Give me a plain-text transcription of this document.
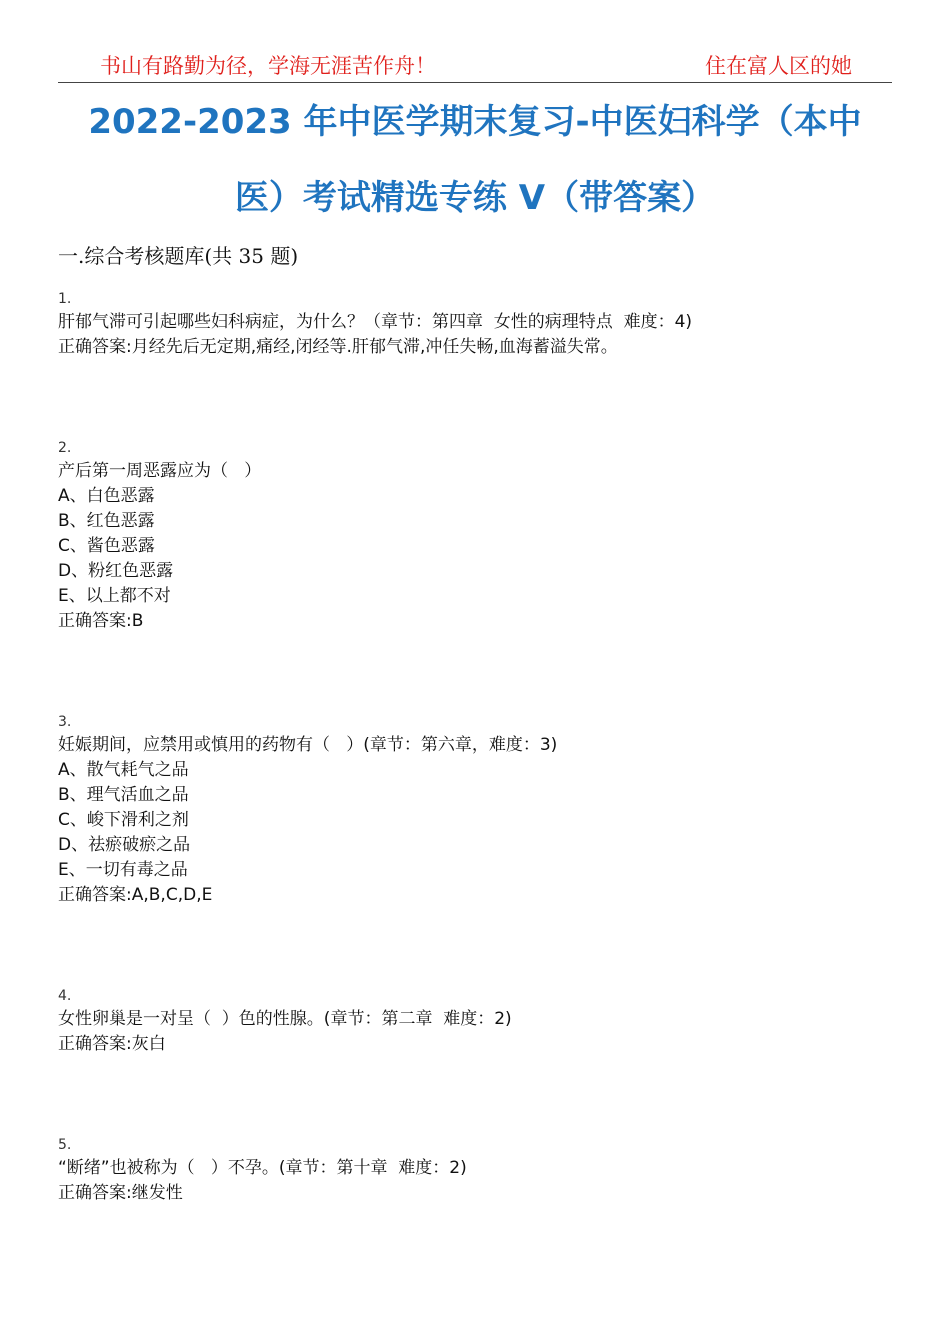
书山有路勤为径，学海无涯苦作舟！	住在富人区的她
2022-2023 年中医学期末复习-中医妇科学（本中
医）考试精选专练 V（带答案）
一.综合考核题库(共 35 题)
1.
肝郁气滞可引起哪些妇科病症，为什么？（章节：第四章  女性的病理特点  难度：4)
正确答案:月经先后无定期,痛经,闭经等.肝郁气滞,冲任失畅,血海蓄溢失常。
2.
产后第一周恶露应为（   ）
A、白色恶露
B、红色恶露
C、酱色恶露
D、粉红色恶露
E、以上都不对
正确答案:B
3.
妊娠期间，应禁用或慎用的药物有（   ）(章节：第六章，难度：3)
A、散气耗气之品
B、理气活血之品
C、峻下滑利之剂
D、祛瘀破瘀之品
E、一切有毒之品
正确答案:A,B,C,D,E
4.
女性卵巢是一对呈（  ）色的性腺。(章节：第二章  难度：2)
正确答案:灰白
5.
“断绪”也被称为（   ）不孕。(章节：第十章  难度：2)
正确答案:继发性
